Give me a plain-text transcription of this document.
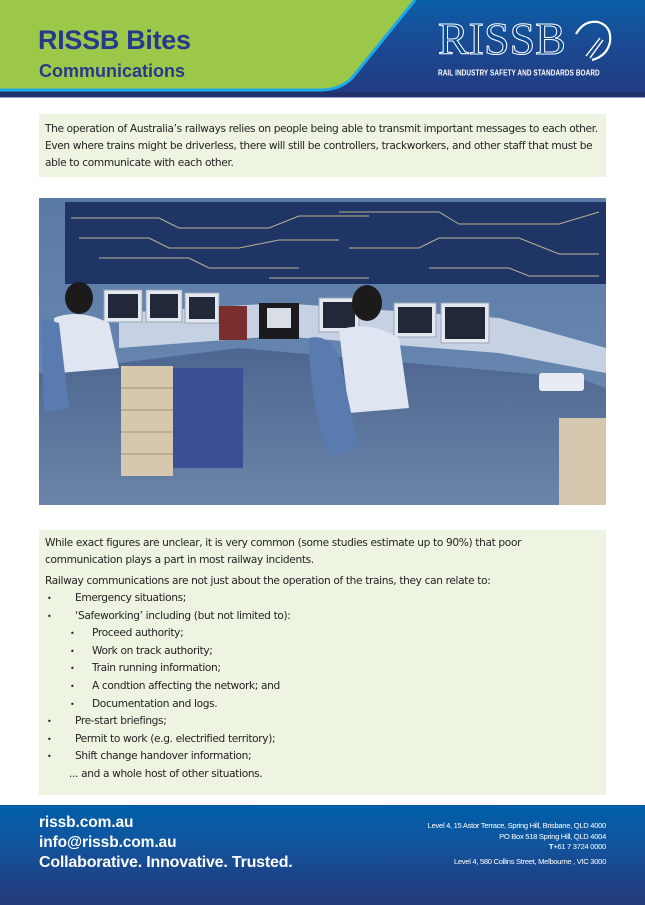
RISSB Bites
Communications
RISSB
RAIL INDUSTRY SAFETY AND STANDARDS BOARD

The operation of Australia’s railways relies on people being able to transmit important messages to each other. Even where trains might be driverless, there will still be controllers, trackworkers, and other staff that must be able to communicate with each other.

While exact figures are unclear, it is very common (some studies estimate up to 90%) that poor communication plays a part in most railway incidents.

Railway communications are not just about the operation of the trains, they can relate to:

• Emergency situations;
• ‘Safeworking’ including (but not limited to):
• Proceed authority;
• Work on track authority;
• Train running information;
• A condtion affecting the network; and
• Documentation and logs.
• Pre-start briefings;
• Permit to work (e.g. electrified territory);
• Shift change handover information;
... and a whole host of other situations.
rissb.com.au
info@rissb.com.au
Collaborative. Innovative. Trusted.
Level 4, 15 Astor Terrace, Spring Hill, Brisbane, QLD 4000
PO Box 518 Spring Hill, QLD 4004
T+61 7 3724 0000
Level 4, 580 Collins Street, Melbourne , VIC 3000
